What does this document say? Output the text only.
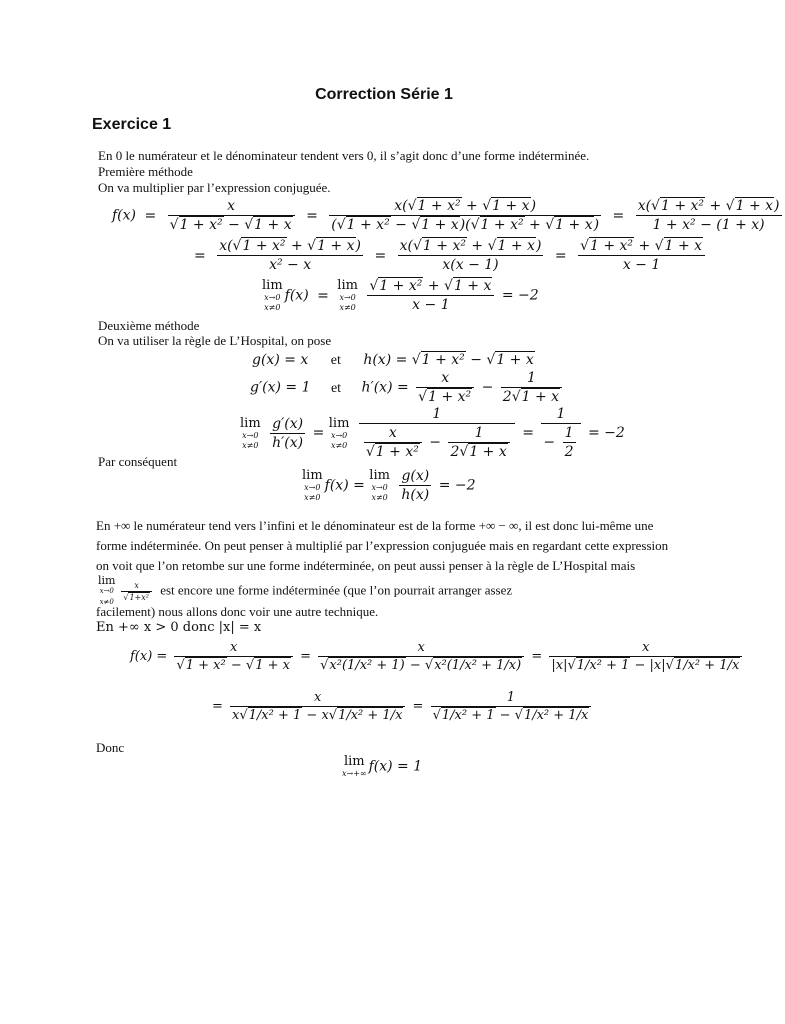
Correction Série 1
Exercice 1
En 0 le numérateur et le dénominateur tendent vers 0, il s’agit donc d’une forme indéterminée.
Première méthode
On va multiplier par l’expression conjuguée.
$f(x) = \frac{x}{\text{√1 + x² − √1 + x}} = \frac{\text{x(√1 + x² + √1 + x)}}{\text{(√1 + x² − √1 + x)(√1 + x² + √1 + x)}} = \frac{\text{x(√1 + x² + √1 + x)}}{\text{1 + x² − (1 + x)}}$
= $\frac{\text{x(√1 + x² + √1 + x)}}{\text{x² − x}} = \frac{\text{x(√1 + x² + √1 + x)}}{x(x - 1)} = \frac{\text{√1 + x² + √1 + x}}{x - 1}$
lim
x→0
x≠0
f(x) =
lim
x→0
x≠0
$\frac{\text{√1 + x² + √1 + x}}{x - 1} = -2$
Deuxième méthode
On va utiliser la règle de L’Hospital, on pose
g(x) = x et h(x) = √1 + x² − √1 + x
g′(x) = 1 et $h'(x) = \frac{x}{\text{√1 + x²}} - \frac{1}{2√1 + x}$
lim
x→0
x≠0
$\frac{g'(x)}{h'(x)}$ =
lim
x→0
x≠0
$\frac{1}{\frac{x}{\text{√1 + x²}} - \frac{1}{2√1 + x}} = \frac{1}{- \frac{1}{2}} = -2$
Par conséquent
lim
x→0
x≠0
f(x) =
lim
x→0
x≠0
$\frac{g(x)}{h(x)} = -2$
En +∞ le numérateur tend vers l’infini et le dénominateur est de la forme +∞ − ∞, il est donc lui-même une forme indéterminée. On peut penser à multiplié par l’expression conjuguée mais en regardant cette expression on voit que l’on retombe sur une forme indéterminée, on peut aussi penser à la règle de L’Hospital mais lim
x→0
$x\ne 0 \frac{x}{\text{√1+x²}}$ est encore une forme indéterminée (que l’on pourrait arranger assez
facilement) nous allons donc voir une autre technique.
En +∞ x > 0 donc |x| = x
$f(x) = \frac{x}{\text{√1 + x² − √1 + x}} = \frac{x}{\text{√x²(1/x² + 1) − √x²(1/x² + 1/x)}} = \frac{x}{\text{|x|√1/x² + 1 − |x|√1/x² + 1/x}}$
= $\frac{x}{\text{x√1/x² + 1 − x√1/x² + 1/x}} = \frac{1}{\text{√1/x² + 1 − √1/x² + 1/x}}$
Donc
lim
x→+∞ f(x) = 1
